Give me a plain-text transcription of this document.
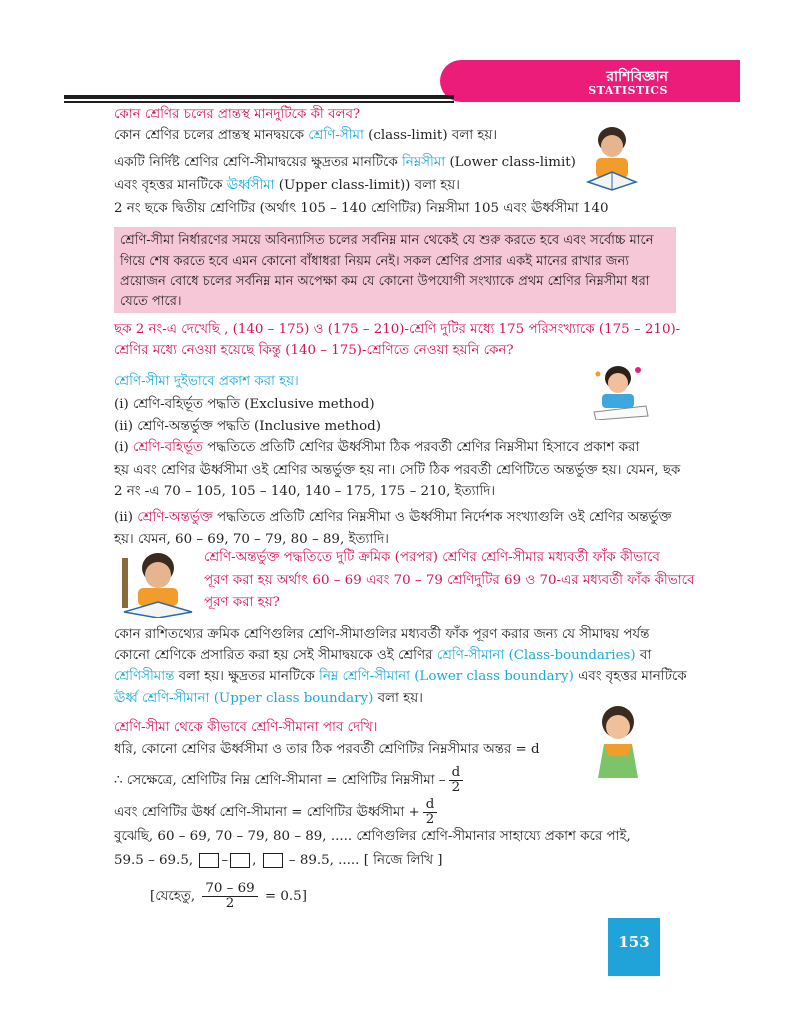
রাশিবিজ্ঞান
STATISTICS
কোন শ্রেণির চলের প্রান্তস্থ মানদুটিকে কী বলব?
কোন শ্রেণির চলের প্রান্তস্থ মানদ্বয়কে শ্রেণি-সীমা (class-limit) বলা হয়।
একটি নির্দিষ্ট শ্রেণির শ্রেণি-সীমাদ্বয়ের ক্ষুদ্রতর মানটিকে নিম্নসীমা (Lower class-limit)
এবং বৃহত্তর মানটিকে ঊর্ধ্বসীমা (Upper class-limit)) বলা হয়।
2 নং ছকে দ্বিতীয় শ্রেণিটির (অর্থাৎ 105 – 140 শ্রেণিটির) নিম্নসীমা 105 এবং ঊর্ধ্বসীমা 140
শ্রেণি-সীমা নির্ধারণের সময়ে অবিন্যাসিত চলের সর্বনিম্ন মান থেকেই যে শুরু করতে হবে এবং সর্বোচ্চ মানে
গিয়ে শেষ করতে হবে এমন কোনো বাঁধাধরা নিয়ম নেই। সকল শ্রেণির প্রসার একই মানের রাখার জন্য
প্রয়োজন বোধে চলের সর্বনিম্ন মান অপেক্ষা কম যে কোনো উপযোগী সংখ্যাকে প্রথম শ্রেণির নিম্নসীমা ধরা
যেতে পারে।
ছক 2 নং-এ দেখেছি , (140 – 175) ও (175 – 210)-শ্রেণি দুটির মধ্যে 175 পরিসংখ্যাকে (175 – 210)-
শ্রেণির মধ্যে নেওয়া হয়েছে কিন্তু (140 – 175)-শ্রেণিতে নেওয়া হয়নি কেন?
শ্রেণি-সীমা দুইভাবে প্রকাশ করা হয়।
(i) শ্রেণি-বহির্ভূত পদ্ধতি (Exclusive method)
(ii) শ্রেণি-অন্তর্ভুক্ত পদ্ধতি (Inclusive method)
(i) শ্রেণি-বহির্ভূত পদ্ধতিতে প্রতিটি শ্রেণির ঊর্ধ্বসীমা ঠিক পরবর্তী শ্রেণির নিম্নসীমা হিসাবে প্রকাশ করা
হয় এবং শ্রেণির ঊর্ধ্বসীমা ওই শ্রেণির অন্তর্ভুক্ত হয় না। সেটি ঠিক পরবর্তী শ্রেণিটিতে অন্তর্ভুক্ত হয়। যেমন, ছক
2 নং -এ 70 – 105, 105 – 140, 140 – 175, 175 – 210, ইত্যাদি।
(ii) শ্রেণি-অন্তর্ভুক্ত পদ্ধতিতে প্রতিটি শ্রেণির নিম্নসীমা ও ঊর্ধ্বসীমা নির্দেশক সংখ্যাগুলি ওই শ্রেণির অন্তর্ভুক্ত
হয়। যেমন, 60 – 69, 70 – 79, 80 – 89, ইত্যাদি।
শ্রেণি-অন্তর্ভুক্ত পদ্ধতিতে দুটি ক্রমিক (পরপর) শ্রেণির শ্রেণি-সীমার মধ্যবর্তী ফাঁক কীভাবে
পূরণ করা হয় অর্থাৎ 60 – 69 এবং 70 – 79 শ্রেণিদুটির 69 ও 70-এর মধ্যবর্তী ফাঁক কীভাবে
পূরণ করা হয়?
কোন রাশিতথ্যের ক্রমিক শ্রেণিগুলির শ্রেণি-সীমাগুলির মধ্যবর্তী ফাঁক পূরণ করার জন্য যে সীমাদ্বয় পর্যন্ত
কোনো শ্রেণিকে প্রসারিত করা হয় সেই সীমাদ্বয়কে ওই শ্রেণির শ্রেণি-সীমানা (Class-boundaries) বা
শ্রেণিসীমান্ত বলা হয়। ক্ষুদ্রতর মানটিকে নিম্ন শ্রেণি-সীমানা (Lower class boundary) এবং বৃহত্তর মানটিকে
ঊর্ধ্ব শ্রেণি-সীমানা (Upper class boundary) বলা হয়।
শ্রেণি-সীমা থেকে কীভাবে শ্রেণি-সীমানা পাব দেখি।
ধরি, কোনো শ্রেণির ঊর্ধ্বসীমা ও তার ঠিক পরবর্তী শ্রেণিটির নিম্নসীমার অন্তর = d
∴ সেক্ষেত্রে, শ্রেণিটির নিম্ন শ্রেণি-সীমানা = শ্রেণিটির নিম্নসীমা – $\frac{d}{2}$
এবং শ্রেণিটির ঊর্ধ্ব শ্রেণি-সীমানা = শ্রেণিটির ঊর্ধ্বসীমা + $\frac{d}{2}$
বুঝেছি, 60 – 69, 70 – 79, 80 – 89, ..... শ্রেণিগুলির শ্রেণি-সীমানার সাহায্যে প্রকাশ করে পাই,
59.5 – 69.5, – , – 89.5, ..... [ নিজে লিখি ]
[যেহেতু, $\frac{70 - 69}{2} = 0.5$]
153
